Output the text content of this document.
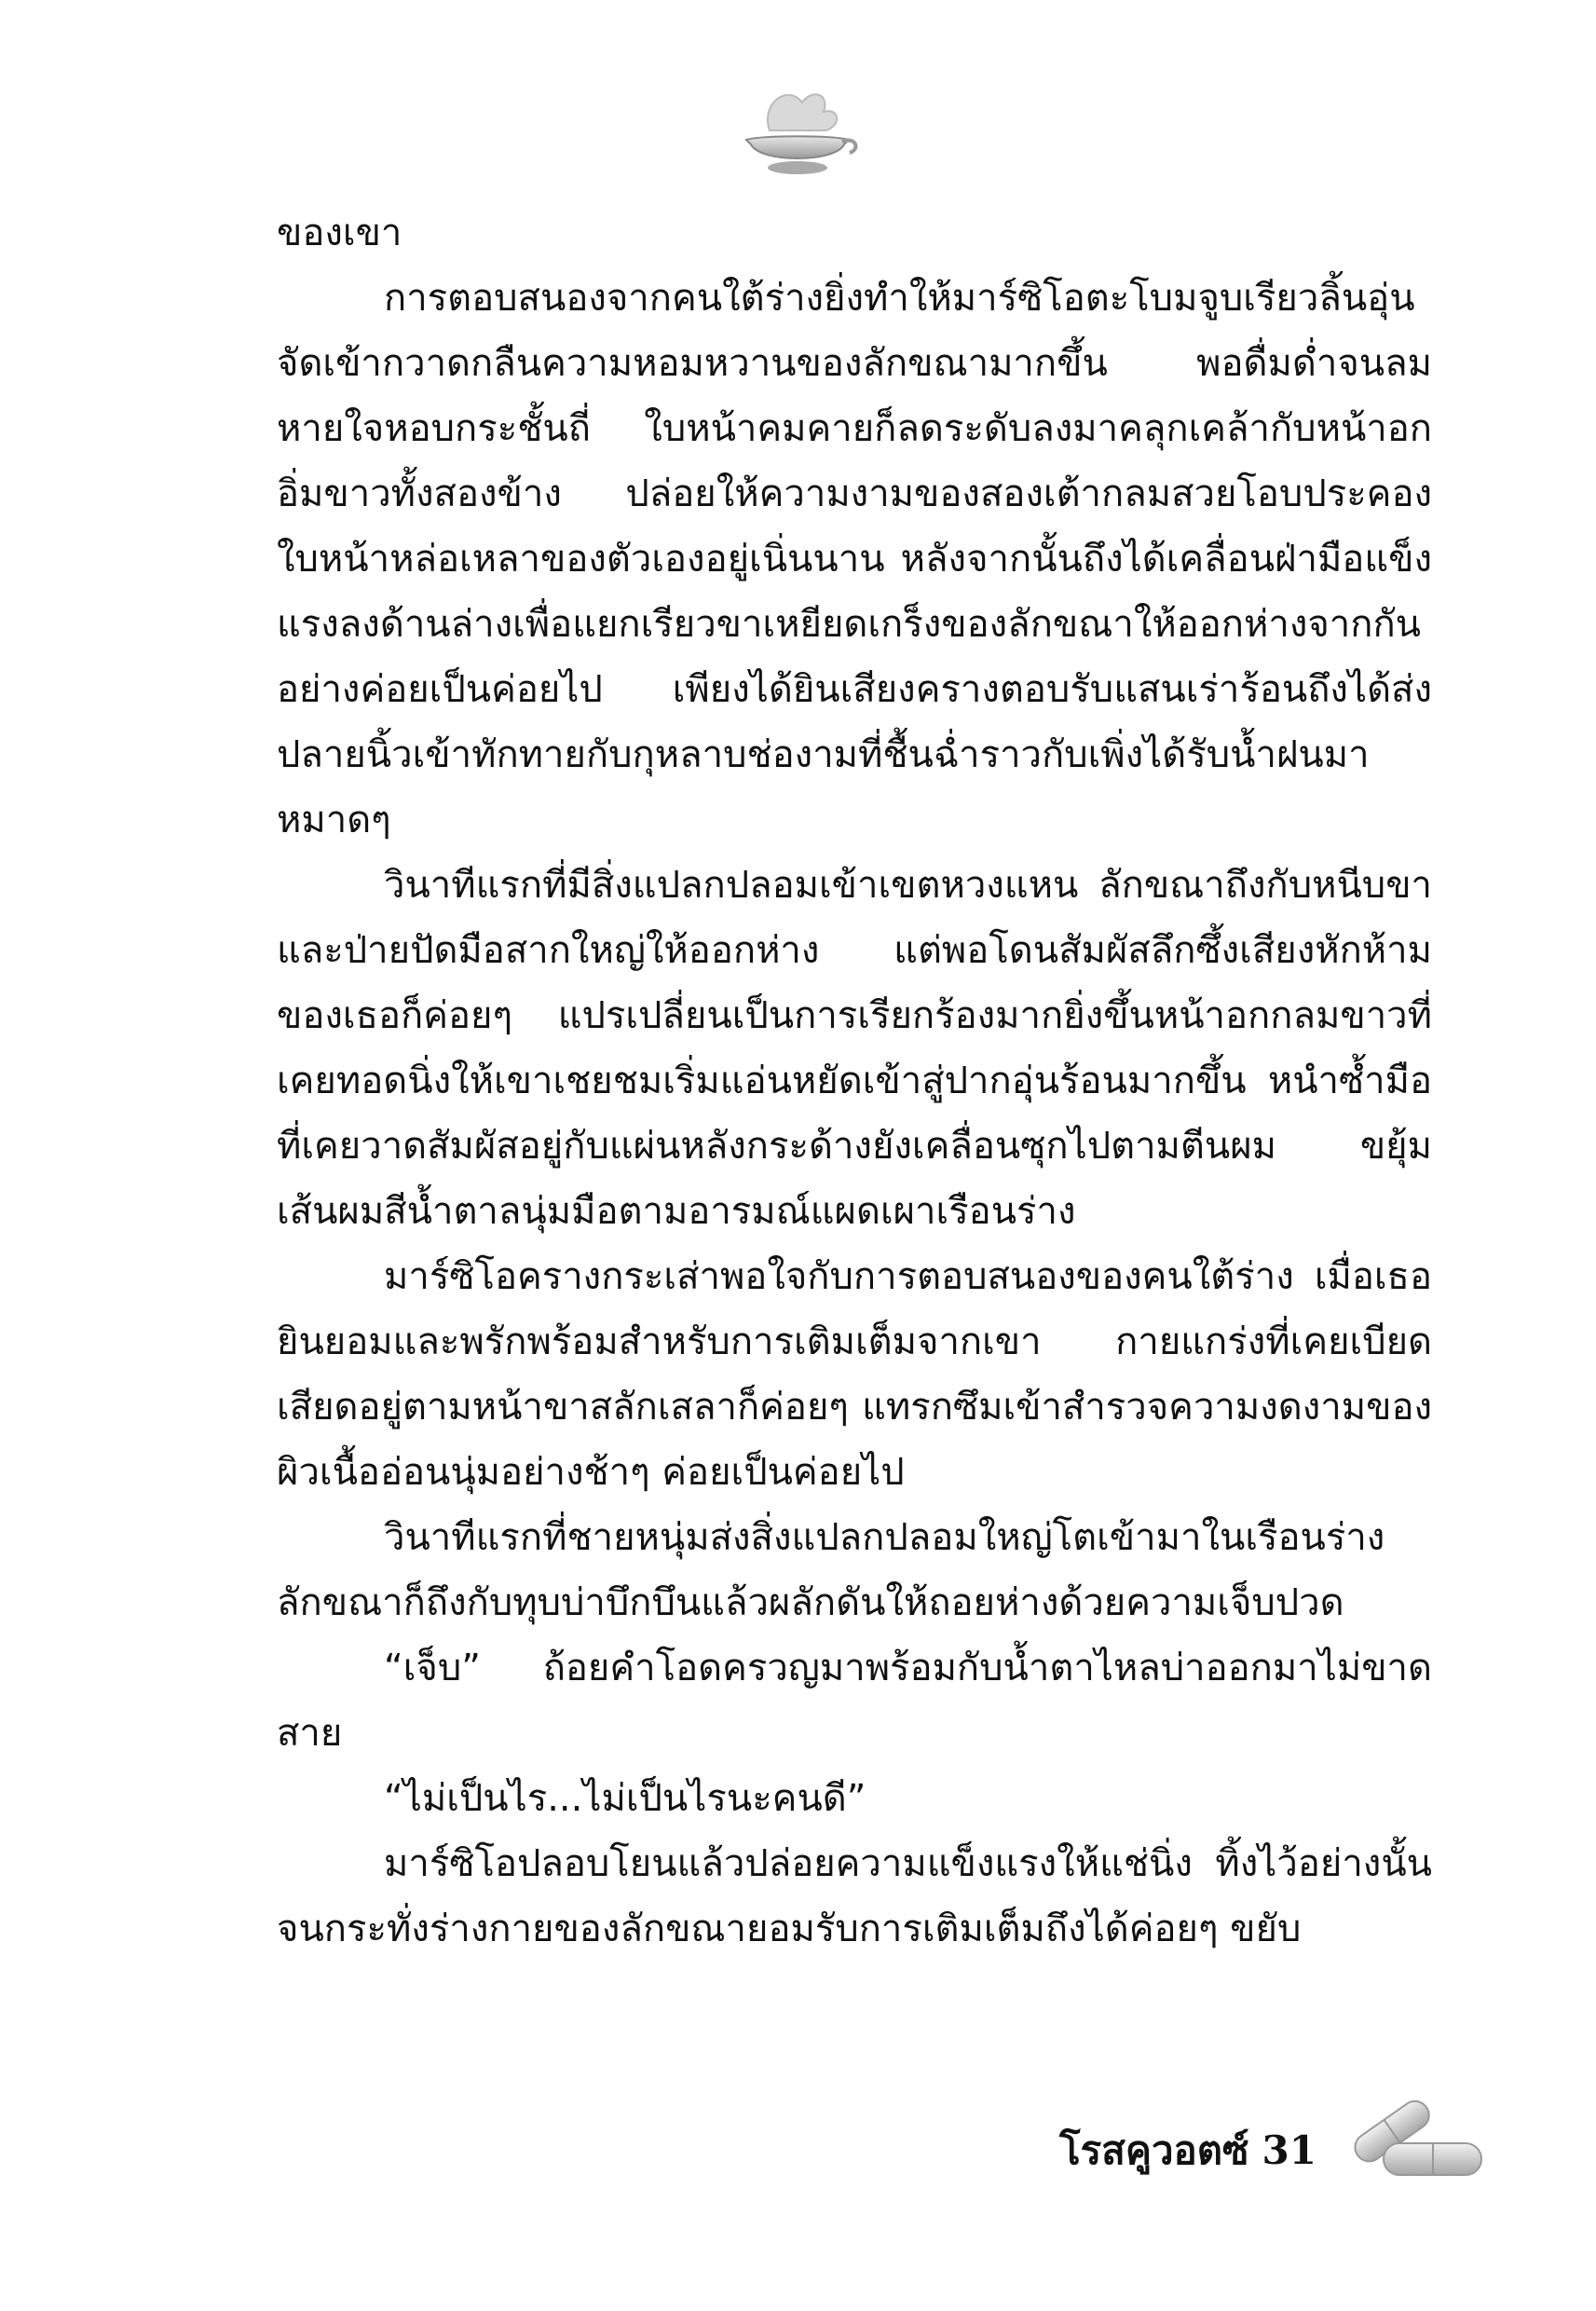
ของเขา

การตอบสนองจากคนใต้ร่างยิ่งทำให้มาร์ซิโอตะโบมจูบเรียวลิ้นอุ่นจัดเข้ากวาดกลืนความหอมหวานของลักขณามากขึ้น พอดื่มด่ำจนลมหายใจหอบกระชั้นถี่ ใบหน้าคมคายก็ลดระดับลงมาคลุกเคล้ากับหน้าอกอิ่มขาวทั้งสองข้าง ปล่อยให้ความงามของสองเต้ากลมสวยโอบประคองใบหน้าหล่อเหลาของตัวเองอยู่เนิ่นนาน หลังจากนั้นถึงได้เคลื่อนฝ่ามือแข็งแรงลงด้านล่างเพื่อแยกเรียวขาเหยียดเกร็งของลักขณาให้ออกห่างจากกันอย่างค่อยเป็นค่อยไป เพียงได้ยินเสียงครางตอบรับแสนเร่าร้อนถึงได้ส่งปลายนิ้วเข้าทักทายกับกุหลาบช่องามที่ชื้นฉ่ำราวกับเพิ่งได้รับน้ำฝนมาหมาดๆ

วินาทีแรกที่มีสิ่งแปลกปลอมเข้าเขตหวงแหน ลักขณาถึงกับหนีบขาและป่ายปัดมือสากใหญ่ให้ออกห่าง แต่พอโดนสัมผัสลึกซึ้งเสียงหักห้ามของเธอก็ค่อยๆ แปรเปลี่ยนเป็นการเรียกร้องมากยิ่งขึ้นหน้าอกกลมขาวที่เคยทอดนิ่งให้เขาเชยชมเริ่มแอ่นหยัดเข้าสู่ปากอุ่นร้อนมากขึ้น หนำซ้ำมือที่เคยวาดสัมผัสอยู่กับแผ่นหลังกระด้างยังเคลื่อนซุกไปตามตีนผม ขยุ้มเส้นผมสีน้ำตาลนุ่มมือตามอารมณ์แผดเผาเรือนร่าง

มาร์ซิโอครางกระเส่าพอใจกับการตอบสนองของคนใต้ร่าง เมื่อเธอยินยอมและพรักพร้อมสำหรับการเติมเต็มจากเขา กายแกร่งที่เคยเบียดเสียดอยู่ตามหน้าขาสลักเสลาก็ค่อยๆ แทรกซึมเข้าสำรวจความงดงามของผิวเนื้ออ่อนนุ่มอย่างช้าๆ ค่อยเป็นค่อยไป

วินาทีแรกที่ชายหนุ่มส่งสิ่งแปลกปลอมใหญ่โตเข้ามาในเรือนร่างลักขณาก็ถึงกับทุบบ่าบึกบึนแล้วผลักดันให้ถอยห่างด้วยความเจ็บปวด

“เจ็บ” ถ้อยคำโอดครวญมาพร้อมกับน้ำตาไหลบ่าออกมาไม่ขาดสาย

“ไม่เป็นไร...ไม่เป็นไรนะคนดี”

มาร์ซิโอปลอบโยนแล้วปล่อยความแข็งแรงให้แช่นิ่ง ทิ้งไว้อย่างนั้นจนกระทั่งร่างกายของลักขณายอมรับการเติมเต็มถึงได้ค่อยๆ ขยับ

โรสคูวอตซ์ 31
